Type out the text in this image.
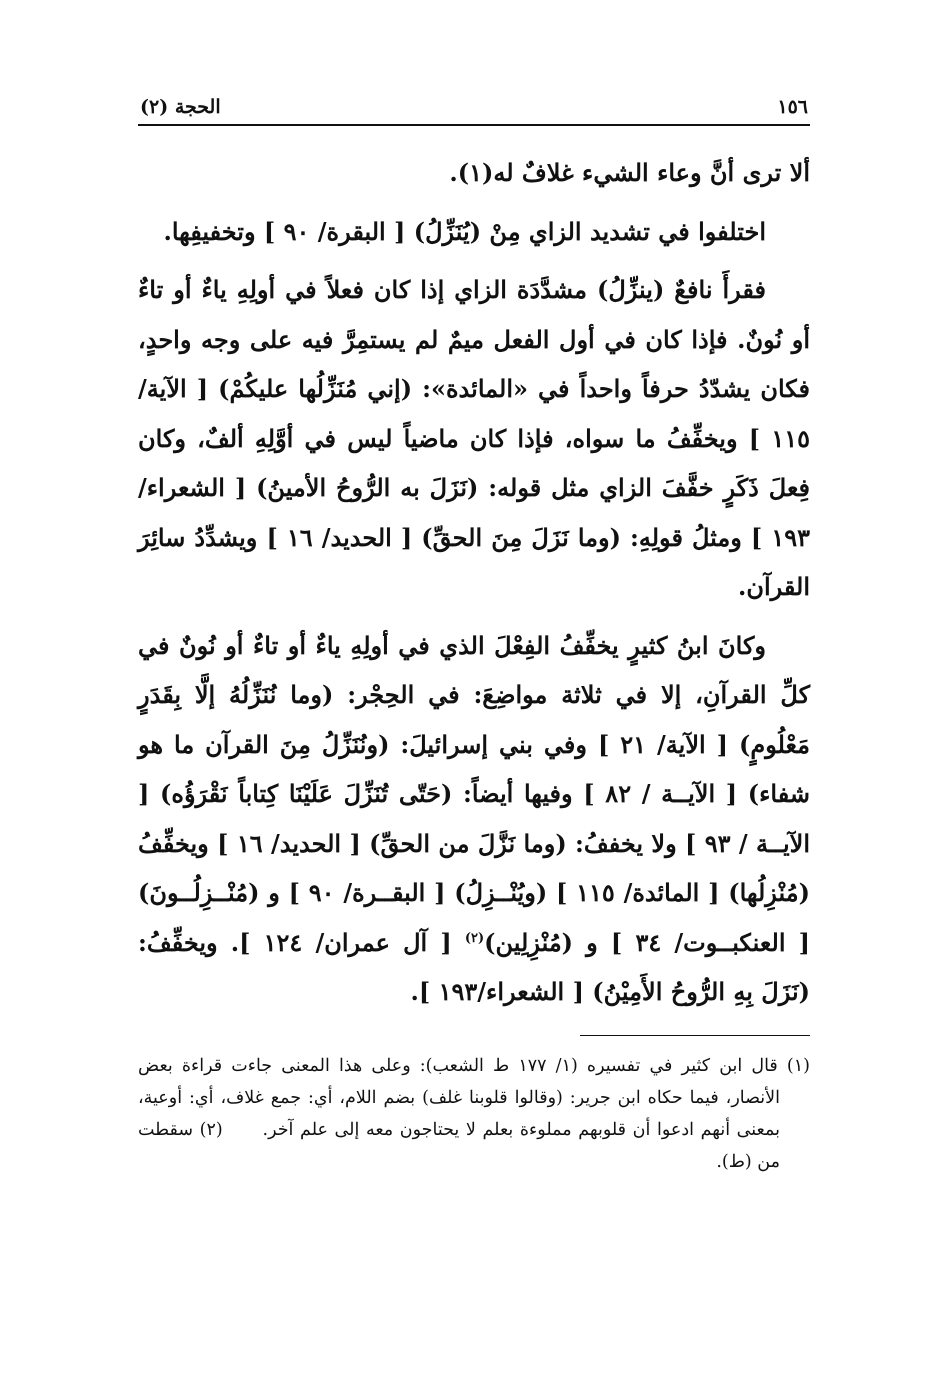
١٥٦
الحجة (٢)

ألا ترى أنَّ وعاء الشيء غلافٌ له(١).

اختلفوا في تشديد الزاي مِنْ (يُنَزِّلُ) [ البقرة/ ٩٠ ] وتخفيفِها.

فقرأَ نافعٌ (ينزِّلُ) مشدَّدَة الزاي إذا كان فعلاً في أولِهِ ياءٌ أو تاءٌ أو نُونٌ. فإذا كان في أول الفعل ميمٌ لم يستمِرَّ فيه على وجه واحدٍ، فكان يشدّدُ حرفاً واحداً في «المائدة»: (إني مُنَزِّلُها عليكُمْ) [ الآية/ ١١٥ ] ويخفِّفُ ما سواه، فإذا كان ماضياً ليس في أوَّلِهِ ألفٌ، وكان فِعلَ ذَكَرٍ خفَّفَ الزاي مثل قوله: (نَزَلَ به الرُّوحُ الأمينُ) [ الشعراء/١٩٣ ] ومثلُ قولِهِ: (وما نَزَلَ مِنَ الحقِّ) [ الحديد/ ١٦ ] ويشدِّدُ سائِرَ القرآن.

وكانَ ابنُ كثيرٍ يخفِّفُ الفِعْلَ الذي في أولِهِ ياءٌ أو تاءٌ أو نُونٌ في كلِّ القرآنِ، إلا في ثلاثة مواضِعَ: في الحِجْر: (وما نُنَزِّلُهُ إلَّا بِقَدَرٍ مَعْلُومٍ) [ الآية/ ٢١ ] وفي بني إسرائيلَ: (ونُنَزِّلُ مِنَ القرآن ما هو شفاء) [ الآيــة / ٨٢ ] وفيها أيضاً: (حَتّى تُنَزِّلَ عَلَيْنَا كِتاباً نَقْرَؤُه) [ الآيــة / ٩٣ ] ولا يخففُ: (وما نَزَّلَ من الحقِّ) [ الحديد/ ١٦ ] ويخفِّفُ (مُنْزِلُها) [ المائدة/ ١١٥ ] (ويُنْــزِلُ) [ البقــرة/ ٩٠ ] و (مُنْــزِلُــونَ) [ العنكبــوت/ ٣٤ ] و (مُنْزِلِين)$^{(٢)}$ [ آل عمران/ ١٢٤ ]. ويخفِّفُ: (نَزَلَ بِهِ الرُّوحُ الأَمِيْنُ) [ الشعراء/١٩٣ ].

(١) قال ابن كثير في تفسيره (١/ ١٧٧ ط الشعب): وعلى هذا المعنى جاءت قراءة بعض الأنصار، فيما حكاه ابن جرير: (وقالوا قلوبنا غلف) بضم اللام، أي: جمع غلاف، أي: أوعية، بمعنى أنهم ادعوا أن قلوبهم مملوءة بعلم لا يحتاجون معه إلى علم آخر.      (٢) سقطت من (ط).
